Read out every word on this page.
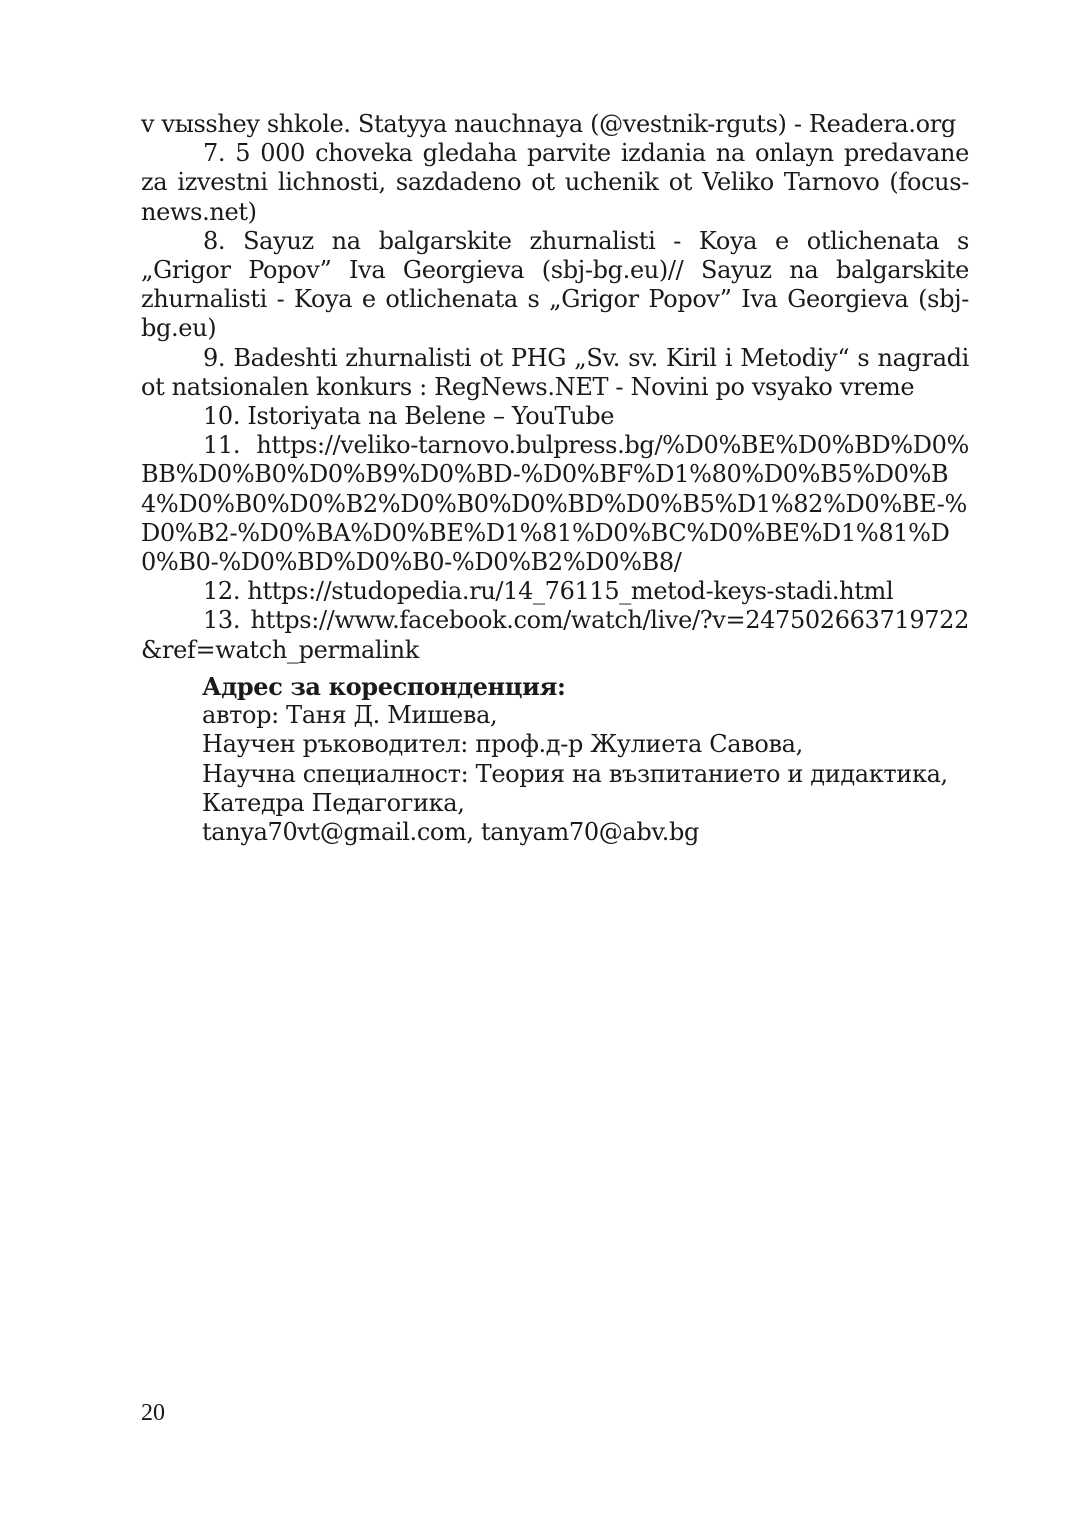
v vыsshey shkole. Statyya nauchnaya (@vestnik-rguts) - Readera.org

7. 5 000 choveka gledaha parvite izdania na onlayn predavane za izvestni lichnosti, sazdadeno ot uchenik ot Veliko Tarnovo (focus-news.net)

8. Sayuz na balgarskite zhurnalisti - Koya e otlichenata s „Grigor Popov” Iva Georgieva (sbj-bg.eu)// Sayuz na balgarskite zhurnalisti - Koya e otlichenata s „Grigor Popov” Iva Georgieva (sbj-bg.eu)

9. Badeshti zhurnalisti ot PHG „Sv. sv. Kiril i Metodiy“ s nagradi ot natsionalen konkurs : RegNews.NET - Novini po vsyako vreme

10. Istoriyata na Belene – YouTube

11. https://veliko-tarnovo.bulpress.bg/%D0%BE%D0%BD%D0%BB%D0%B0%D0%B9%D0%BD-%D0%BF%D1%80%D0%B5%D0%B4%D0%B0%D0%B2%D0%B0%D0%BD%D0%B5%D1%82%D0%BE-%D0%B2-%D0%BA%D0%BE%D1%81%D0%BC%D0%BE%D1%81%D0%B0-%D0%BD%D0%B0-%D0%B2%D0%B8/

12. https://studopedia.ru/14_76115_metod-keys-stadi.html

13. https://www.facebook.com/watch/live/?v=247502663719722&ref=watch_permalink

Адрес за кореспонденция:
автор: Таня Д. Мишева,
Научен ръководител: проф.д-р Жулиета Савова,
Научна специалност: Теория на възпитанието и дидактика,
Катедра Педагогика,
tanya70vt@gmail.com, tanyam70@abv.bg
20
